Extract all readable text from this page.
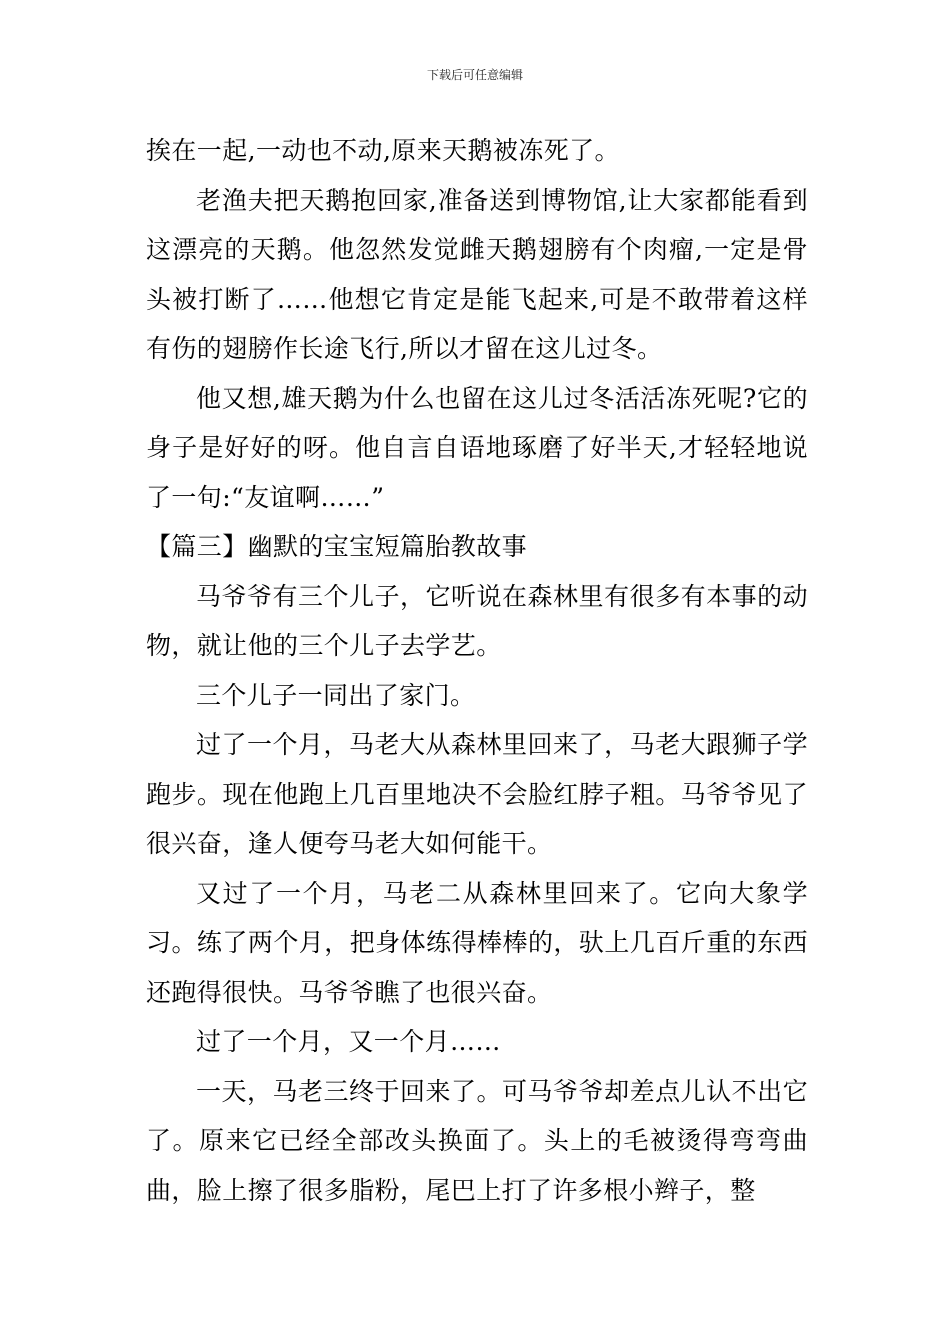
下载后可任意编辑

挨在一起,一动也不动,原来天鹅被冻死了。

老渔夫把天鹅抱回家,准备送到博物馆,让大家都能看到这漂亮的天鹅。他忽然发觉雌天鹅翅膀有个肉瘤,一定是骨头被打断了……他想它肯定是能飞起来,可是不敢带着这样有伤的翅膀作长途飞行,所以才留在这儿过冬。

他又想,雄天鹅为什么也留在这儿过冬活活冻死呢?它的身子是好好的呀。他自言自语地琢磨了好半天,才轻轻地说了一句:“友谊啊……”

【篇三】幽默的宝宝短篇胎教故事

马爷爷有三个儿子，它听说在森林里有很多有本事的动物，就让他的三个儿子去学艺。

三个儿子一同出了家门。

过了一个月，马老大从森林里回来了，马老大跟狮子学跑步。现在他跑上几百里地决不会脸红脖子粗。马爷爷见了很兴奋，逢人便夸马老大如何能干。

又过了一个月，马老二从森林里回来了。它向大象学习。练了两个月，把身体练得棒棒的，驮上几百斤重的东西还跑得很快。马爷爷瞧了也很兴奋。

过了一个月，又一个月……

一天，马老三终于回来了。可马爷爷却差点儿认不出它了。原来它已经全部改头换面了。头上的毛被烫得弯弯曲曲，脸上擦了很多脂粉，尾巴上打了许多根小辫子，整
